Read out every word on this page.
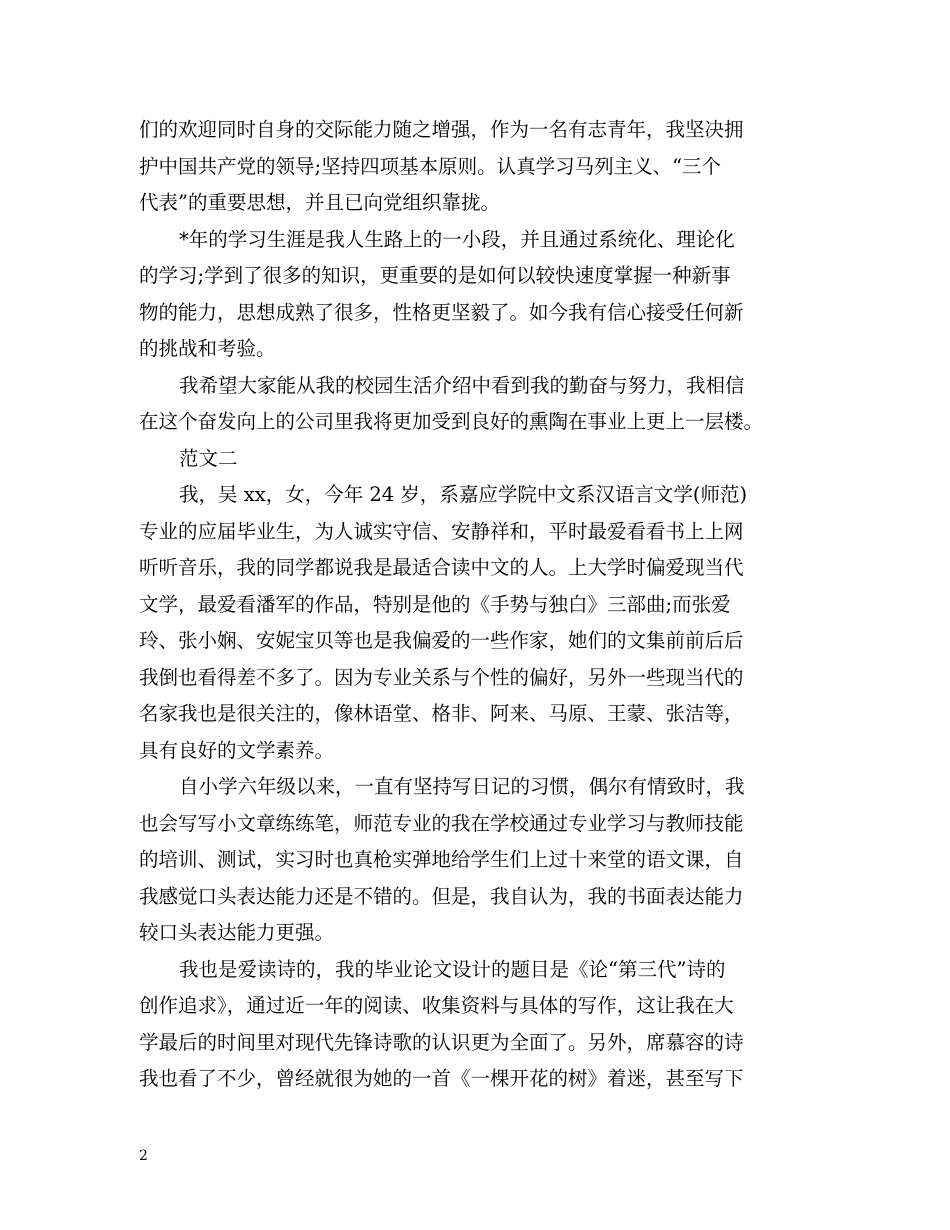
们的欢迎同时自身的交际能力随之增强，作为一名有志青年，我坚决拥
护中国共产党的领导;坚持四项基本原则。认真学习马列主义、“三个
代表”的重要思想，并且已向党组织靠拢。
*年的学习生涯是我人生路上的一小段，并且通过系统化、理论化
的学习;学到了很多的知识，更重要的是如何以较快速度掌握一种新事
物的能力，思想成熟了很多，性格更坚毅了。如今我有信心接受任何新
的挑战和考验。
我希望大家能从我的校园生活介绍中看到我的勤奋与努力，我相信
在这个奋发向上的公司里我将更加受到良好的熏陶在事业上更上一层楼。
范文二
我，吴 xx，女，今年 24 岁，系嘉应学院中文系汉语言文学(师范)
专业的应届毕业生，为人诚实守信、安静祥和，平时最爱看看书上上网
听听音乐，我的同学都说我是最适合读中文的人。上大学时偏爱现当代
文学，最爱看潘军的作品，特别是他的《手势与独白》三部曲;而张爱
玲、张小娴、安妮宝贝等也是我偏爱的一些作家，她们的文集前前后后
我倒也看得差不多了。因为专业关系与个性的偏好，另外一些现当代的
名家我也是很关注的，像林语堂、格非、阿来、马原、王蒙、张洁等，
具有良好的文学素养。
自小学六年级以来，一直有坚持写日记的习惯，偶尔有情致时，我
也会写写小文章练练笔，师范专业的我在学校通过专业学习与教师技能
的培训、测试，实习时也真枪实弹地给学生们上过十来堂的语文课，自
我感觉口头表达能力还是不错的。但是，我自认为，我的书面表达能力
较口头表达能力更强。
我也是爱读诗的，我的毕业论文设计的题目是《论“第三代”诗的
创作追求》，通过近一年的阅读、收集资料与具体的写作，这让我在大
学最后的时间里对现代先锋诗歌的认识更为全面了。另外，席慕容的诗
我也看了不少，曾经就很为她的一首《一棵开花的树》着迷，甚至写下
2
